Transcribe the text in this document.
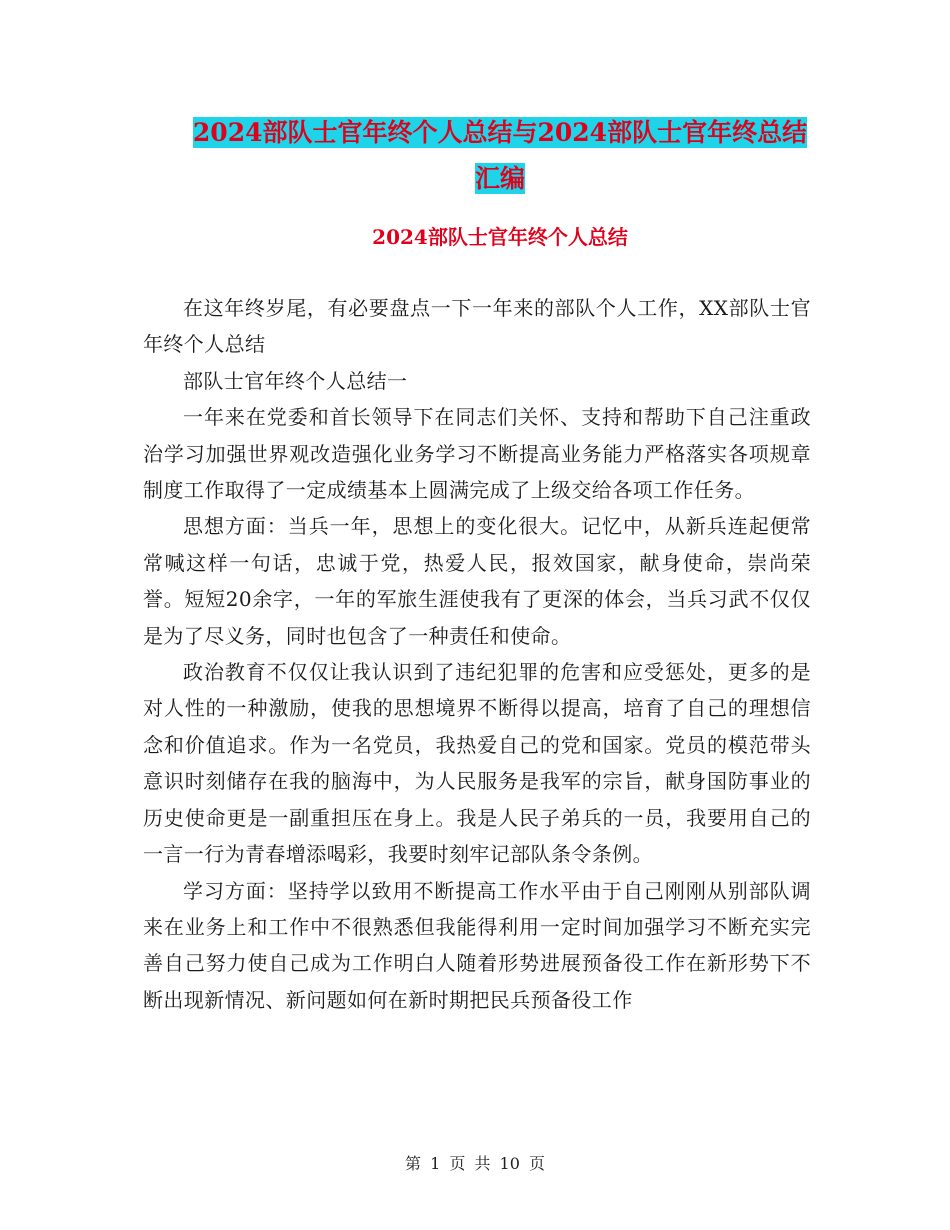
2024部队士官年终个人总结与2024部队士官年终总结
汇编
2024部队士官年终个人总结

在这年终岁尾，有必要盘点一下一年来的部队个人工作，XX部队士官年终个人总结

部队士官年终个人总结一

一年来在党委和首长领导下在同志们关怀、支持和帮助下自己注重政治学习加强世界观改造强化业务学习不断提高业务能力严格落实各项规章制度工作取得了一定成绩基本上圆满完成了上级交给各项工作任务。

思想方面：当兵一年，思想上的变化很大。记忆中，从新兵连起便常常喊这样一句话，忠诚于党，热爱人民，报效国家，献身使命，崇尚荣誉。短短20余字，一年的军旅生涯使我有了更深的体会，当兵习武不仅仅是为了尽义务，同时也包含了一种责任和使命。

政治教育不仅仅让我认识到了违纪犯罪的危害和应受惩处，更多的是对人性的一种激励，使我的思想境界不断得以提高，培育了自己的理想信念和价值追求。作为一名党员，我热爱自己的党和国家。党员的模范带头意识时刻储存在我的脑海中，为人民服务是我军的宗旨，献身国防事业的历史使命更是一副重担压在身上。我是人民子弟兵的一员，我要用自己的一言一行为青春增添喝彩，我要时刻牢记部队条令条例。

学习方面：坚持学以致用不断提高工作水平由于自己刚刚从别部队调来在业务上和工作中不很熟悉但我能得利用一定时间加强学习不断充实完善自己努力使自己成为工作明白人随着形势进展预备役工作在新形势下不断出现新情况、新问题如何在新时期把民兵预备役工作

第 1 页 共 10 页
